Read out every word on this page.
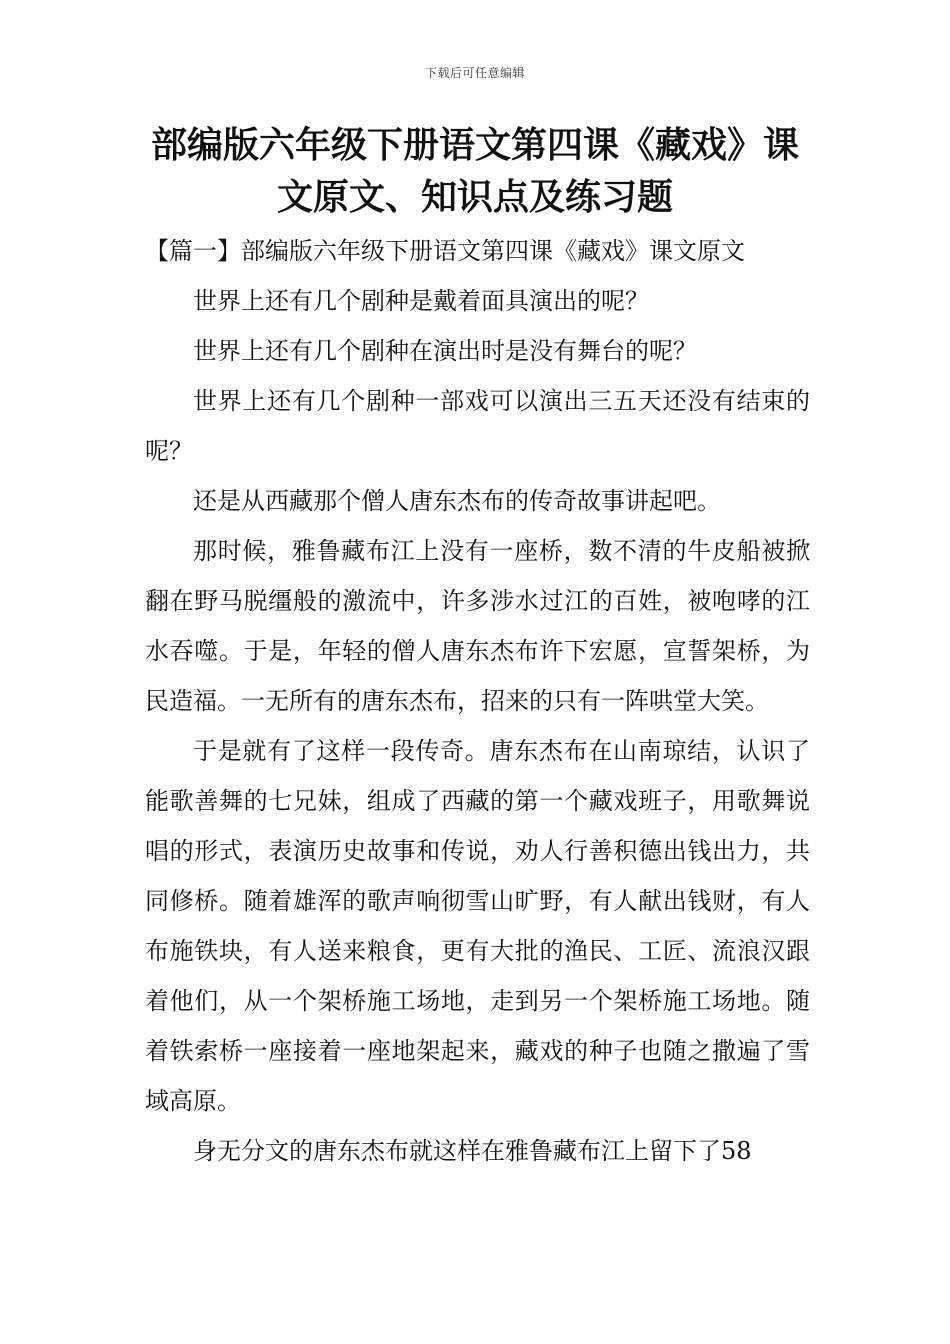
下载后可任意编辑
部编版六年级下册语文第四课《藏戏》课文原文、知识点及练习题
【篇一】部编版六年级下册语文第四课《藏戏》课文原文

世界上还有几个剧种是戴着面具演出的呢？

世界上还有几个剧种在演出时是没有舞台的呢？

世界上还有几个剧种一部戏可以演出三五天还没有结束的呢？

还是从西藏那个僧人唐东杰布的传奇故事讲起吧。

那时候，雅鲁藏布江上没有一座桥，数不清的牛皮船被掀翻在野马脱缰般的激流中，许多涉水过江的百姓，被咆哮的江水吞噬。于是，年轻的僧人唐东杰布许下宏愿，宣誓架桥，为民造福。一无所有的唐东杰布，招来的只有一阵哄堂大笑。

于是就有了这样一段传奇。唐东杰布在山南琼结，认识了能歌善舞的七兄妹，组成了西藏的第一个藏戏班子，用歌舞说唱的形式，表演历史故事和传说，劝人行善积德出钱出力，共同修桥。随着雄浑的歌声响彻雪山旷野，有人献出钱财，有人布施铁块，有人送来粮食，更有大批的渔民、工匠、流浪汉跟着他们，从一个架桥施工场地，走到另一个架桥施工场地。随着铁索桥一座接着一座地架起来，藏戏的种子也随之撒遍了雪域高原。

身无分文的唐东杰布就这样在雅鲁藏布江上留下了58
